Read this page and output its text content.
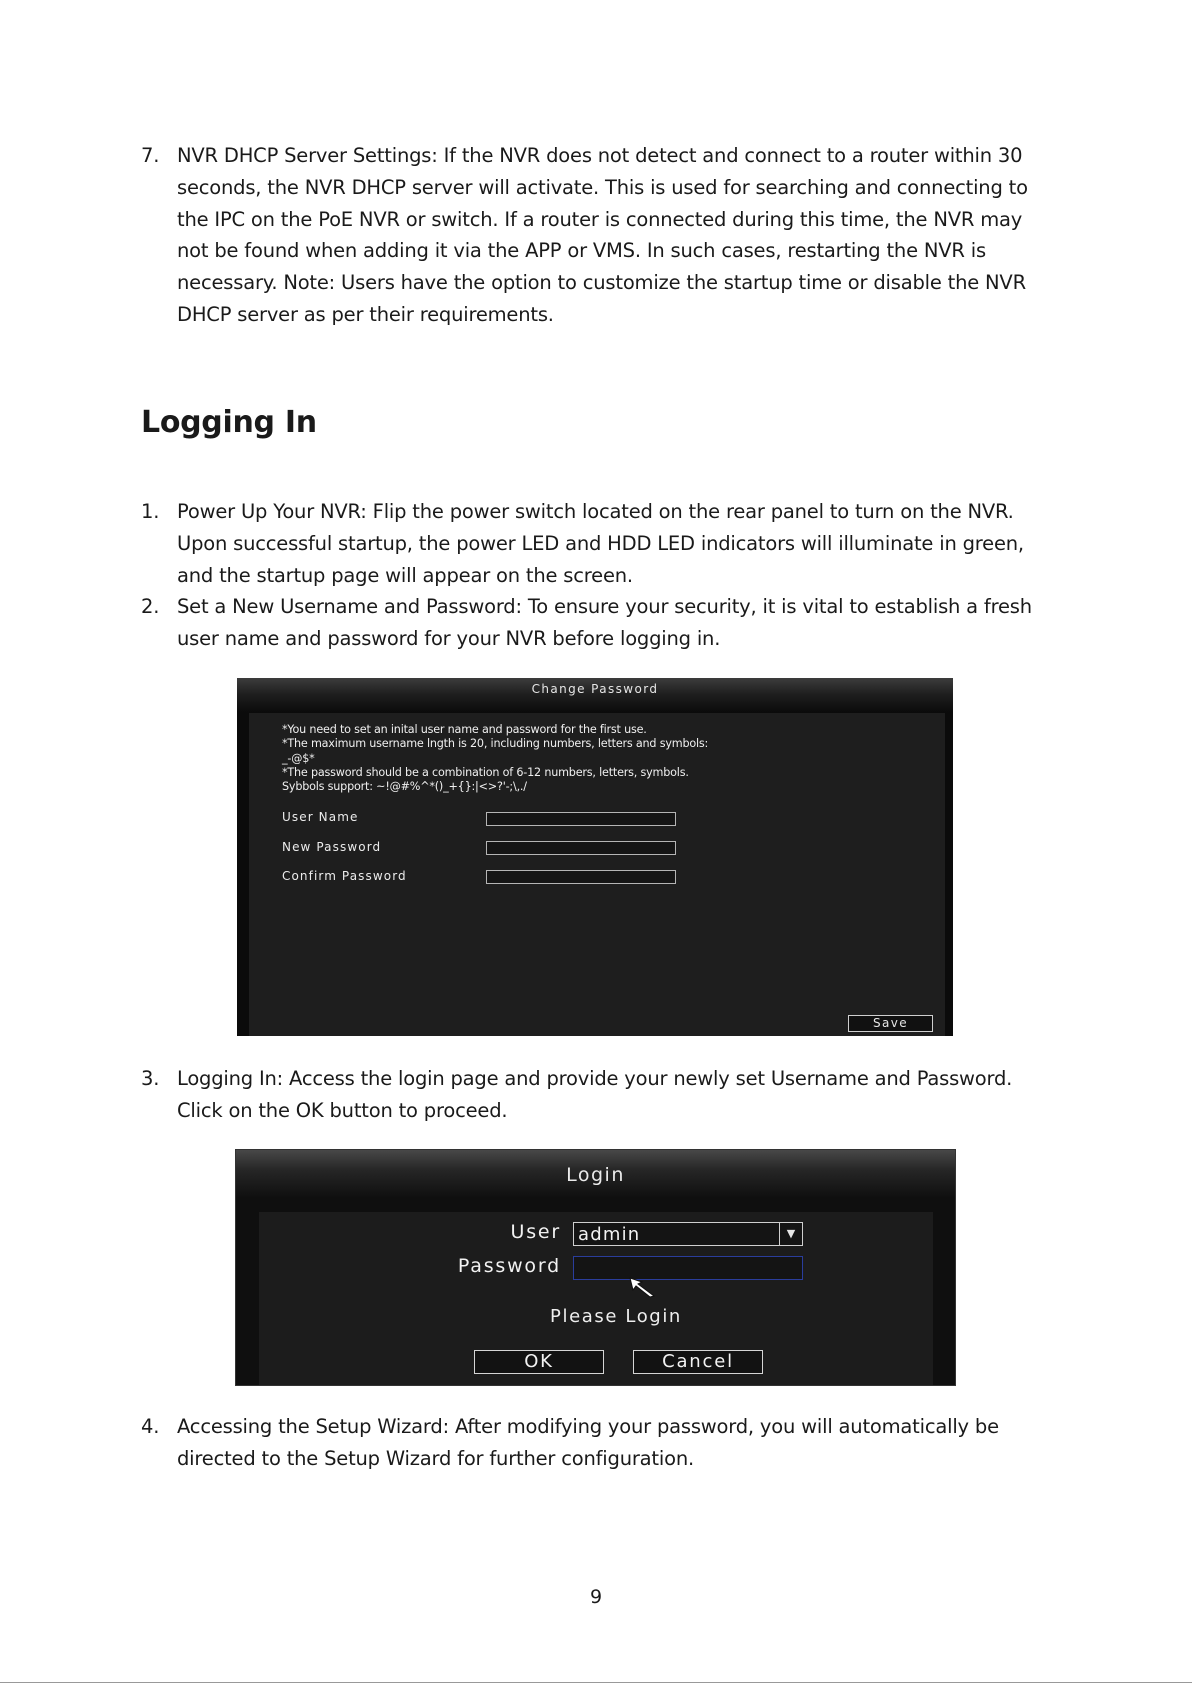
7. NVR DHCP Server Settings: If the NVR does not detect and connect to a router within 30
seconds, the NVR DHCP server will activate. This is used for searching and connecting to
the IPC on the PoE NVR or switch. If a router is connected during this time, the NVR may
not be found when adding it via the APP or VMS. In such cases, restarting the NVR is
necessary. Note: Users have the option to customize the startup time or disable the NVR
DHCP server as per their requirements.
Logging In
1. Power Up Your NVR: Flip the power switch located on the rear panel to turn on the NVR.
Upon successful startup, the power LED and HDD LED indicators will illuminate in green,
and the startup page will appear on the screen.
2. Set a New Username and Password: To ensure your security, it is vital to establish a fresh
user name and password for your NVR before logging in.
Change Password
*You need to set an inital user name and password for the first use.
*The maximum username lngth is 20, including numbers, letters and symbols:
_-@$*
*The password should be a combination of 6-12 numbers, letters, symbols.
Sybbols support: ~!@#%^*()_+{}:|<>?'-;\,./
User Name
New Password
Confirm Password
Save
3. Logging In: Access the login page and provide your newly set Username and Password.
Click on the OK button to proceed.
Login
User admin	▼
Password
Please Login
OK	Cancel
4. Accessing the Setup Wizard: After modifying your password, you will automatically be
directed to the Setup Wizard for further configuration.
9
